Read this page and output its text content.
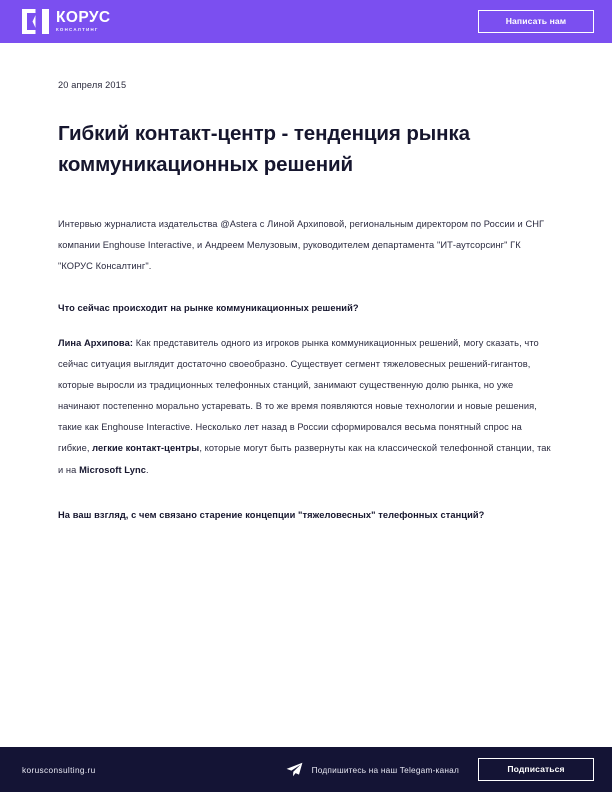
КОРУС
КОНСАЛТИНГ
Написать нам

20 апреля 2015

Гибкий контакт-центр - тенденция рынка коммуникационных решений

Интервью журналиста издательства @Astera с Линой Архиповой, региональным директором по России и СНГ компании Enghouse Interactive, и Андреем Мелузовым, руководителем департамента "ИТ-аутсорсинг" ГК "КОРУС Консалтинг".

Что сейчас происходит на рынке коммуникационных решений?

Лина Архипова: Как представитель одного из игроков рынка коммуникационных решений, могу сказать, что сейчас ситуация выглядит достаточно своеобразно. Существует сегмент тяжеловесных решений-гигантов, которые выросли из традиционных телефонных станций, занимают существенную долю рынка, но уже начинают постепенно морально устаревать. В то же время появляются новые технологии и новые решения, такие как Enghouse Interactive. Несколько лет назад в России сформировался весьма понятный спрос на гибкие, легкие контакт-центры, которые могут быть развернуты как на классической телефонной станции, так и на Microsoft Lync.

На ваш взгляд, с чем связано старение концепции "тяжеловесных" телефонных станций?

korusconsulting.ru	Подпишитесь на наш Telegam-канал	Подписаться
